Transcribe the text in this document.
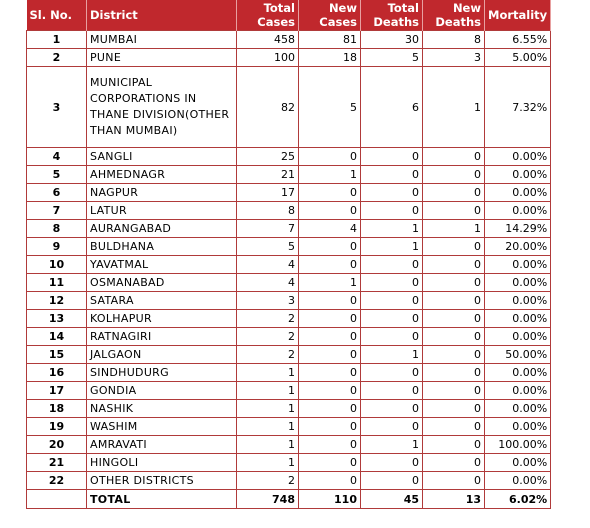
Sl. No.	District	Total Cases	New Cases	Total Deaths	New Deaths	Mortality
1	MUMBAI	458	81	30	8	6.55%
2	PUNE	100	18	5	3	5.00%
3	MUNICIPAL CORPORATIONS IN THANE DIVISION(OTHER THAN MUMBAI)	82	5	6	1	7.32%
4	SANGLI	25	0	0	0	0.00%
5	AHMEDNAGR	21	1	0	0	0.00%
6	NAGPUR	17	0	0	0	0.00%
7	LATUR	8	0	0	0	0.00%
8	AURANGABAD	7	4	1	1	14.29%
9	BULDHANA	5	0	1	0	20.00%
10	YAVATMAL	4	0	0	0	0.00%
11	OSMANABAD	4	1	0	0	0.00%
12	SATARA	3	0	0	0	0.00%
13	KOLHAPUR	2	0	0	0	0.00%
14	RATNAGIRI	2	0	0	0	0.00%
15	JALGAON	2	0	1	0	50.00%
16	SINDHUDURG	1	0	0	0	0.00%
17	GONDIA	1	0	0	0	0.00%
18	NASHIK	1	0	0	0	0.00%
19	WASHIM	1	0	0	0	0.00%
20	AMRAVATI	1	0	1	0	100.00%
21	HINGOLI	1	0	0	0	0.00%
22	OTHER DISTRICTS	2	0	0	0	0.00%
	TOTAL	748	110	45	13	6.02%
